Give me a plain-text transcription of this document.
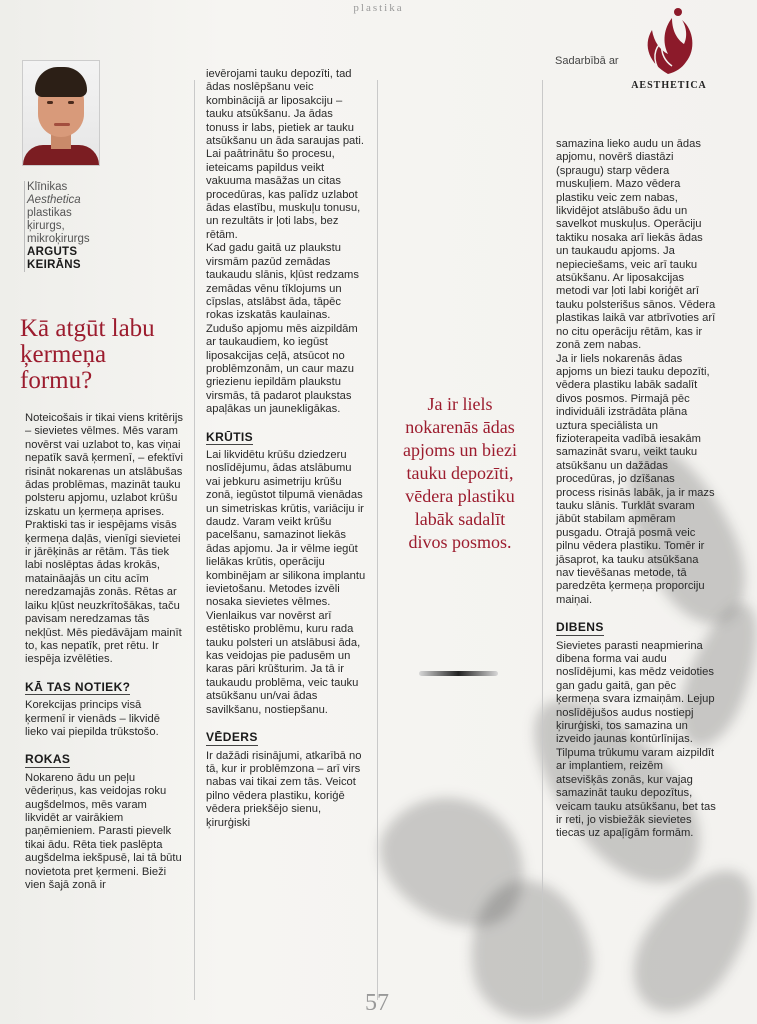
plastika
Klīnikas
Aesthetica
plastikas
ķirurgs,
mikroķirurgs
ARGUTS
KEIRĀNS
Kā atgūt labu ķermeņa formu?

Noteicošais ir tikai viens kritērijs – sievietes vēlmes. Mēs varam novērst vai uzlabot to, kas viņai nepatīk savā ķermenī, – efektīvi risināt nokarenas un atslābušas ādas problēmas, mazināt tauku polsteru apjomu, uzlabot krūšu izskatu un ķermeņa aprises. Praktiski tas ir iespējams visās ķermeņa daļās, vienīgi sievietei ir jārēķinās ar rētām. Tās tiek labi noslēptas ādas krokās, mataināajās un citu acīm neredzamajās zonās. Rētas ar laiku kļūst neuzkrītošākas, taču pavisam neredzamas tās nekļūst. Mēs piedāvājam mainīt to, kas nepatīk, pret rētu. Ir iespēja izvēlēties.

KĀ TAS NOTIEK?

Korekcijas princips visā ķermenī ir vienāds – likvidē lieko vai piepilda trūkstošo.

ROKAS

Nokareno ādu un peļu vēderiņus, kas veidojas roku augšdelmos, mēs varam likvidēt ar vairākiem paņēmieniem. Parasti pievelk tikai ādu. Rēta tiek paslēpta augšdelma iekšpusē, lai tā būtu novietota pret ķermeni. Bieži vien šajā zonā ir

ievērojami tauku depozīti, tad ādas noslēpšanu veic kombinācijā ar liposakciju – tauku atsūkšanu. Ja ādas tonuss ir labs, pietiek ar tauku atsūkšanu un āda saraujas pati. Lai paātrinātu šo procesu, ieteicams papildus veikt vakuuma masāžas un citas procedūras, kas palīdz uzlabot ādas elastību, muskuļu tonusu, un rezultāts ir ļoti labs, bez rētām.

Kad gadu gaitā uz plaukstu virsmām pazūd zemādas taukaudu slānis, kļūst redzams zemādas vēnu tīklojums un cīpslas, atslābst āda, tāpēc rokas izskatās kaulainas. Zudušo apjomu mēs aizpildām ar taukaudiem, ko iegūst liposakcijas ceļā, atsūcot no problēmzonām, un caur mazu griezienu iepildām plaukstu virsmās, tā padarot plaukstas apaļākas un jaunekligākas.

KRŪTIS

Lai likvidētu krūšu dziedzeru noslīdējumu, ādas atslābumu vai jebkuru asimetriju krūšu zonā, iegūstot tilpumā vienādas un simetriskas krūtis, variāciju ir daudz. Varam veikt krūšu pacelšanu, samazinot liekās ādas apjomu. Ja ir vēlme iegūt lielākas krūtis, operāciju kombinējam ar silikona implantu ievietošanu. Metodes izvēli nosaka sievietes vēlmes. Vienlaikus var novērst arī estētisko problēmu, kuru rada tauku polsteri un atslābusi āda, kas veidojas pie padusēm un karas pāri krūšturim. Ja tā ir taukaudu problēma, veic tauku atsūkšanu un/vai ādas savilkšanu, nostiepšanu.

VĒDERS

Ir dažādi risinājumi, atkarībā no tā, kur ir problēmzona – arī virs nabas vai tikai zem tās. Veicot pilno vēdera plastiku, koriģē vēdera priekšējo sienu, ķirurģiski

Ja ir liels nokarenās ādas apjoms un biezi tauku depozīti, vēdera plastiku labāk sadalīt divos posmos.
Sadarbībā ar
AESTHETICA

samazina lieko audu un ādas apjomu, novērš diastāzi (spraugu) starp vēdera muskuļiem. Mazo vēdera plastiku veic zem nabas, likvidējot atslābušo ādu un savelkot muskuļus. Operāciju taktiku nosaka arī liekās ādas un taukaudu apjoms. Ja nepieciešams, veic arī tauku atsūkšanu. Ar liposakcijas metodi var ļoti labi koriģēt arī tauku polsterišus sānos. Vēdera plastikas laikā var atbrīvoties arī no citu operāciju rētām, kas ir zonā zem nabas.

Ja ir liels nokarenās ādas apjoms un biezi tauku depozīti, vēdera plastiku labāk sadalīt divos posmos. Pirmajā pēc individuāli izstrādāta plāna uztura speciālista un fizioterapeita vadībā iesakām samazināt svaru, veikt tauku atsūkšanu un dažādas procedūras, jo dzīšanas process risinās labāk, ja ir mazs tauku slānis. Turklāt svaram jābūt stabilam apmēram pusgadu. Otrajā posmā veic pilnu vēdera plastiku. Tomēr ir jāsaprot, ka tauku atsūkšana nav tievēšanas metode, tā paredzēta ķermeņa proporciju maiņai.

DIBENS

Sievietes parasti neapmierina dibena forma vai audu noslīdējumi, kas mēdz veidoties gan gadu gaitā, gan pēc ķermeņa svara izmaiņām. Lejup noslīdējušos audus nostiepj ķirurģiski, tos samazina un izveido jaunas kontūrlīnijas. Tilpuma trūkumu varam aizpildīt ar implantiem, reizēm atsevišķās zonās, kur vajag samazināt tauku depozītus, veicam tauku atsūkšanu, bet tas ir reti, jo visbiežāk sievietes tiecas uz apaļīgām formām.

57
